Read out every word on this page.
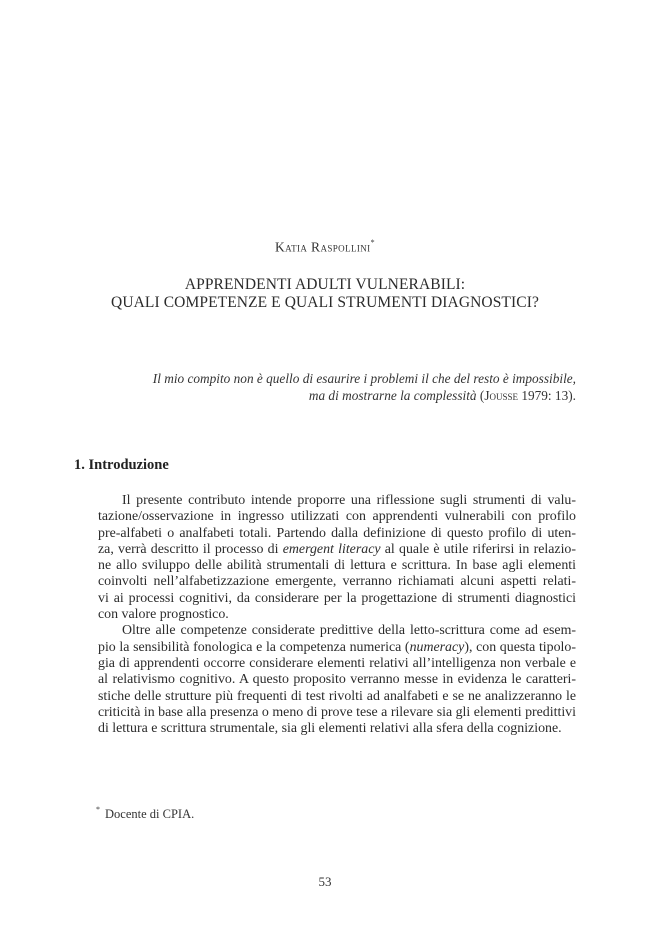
Katia Raspollini*
APPRENDENTI ADULTI VULNERABILI:
QUALI COMPETENZE E QUALI STRUMENTI DIAGNOSTICI?
Il mio compito non è quello di esaurire i problemi il che del resto è impossibile,
ma di mostrarne la complessità (Jousse 1979: 13).
1. Introduzione

Il presente contributo intende proporre una riflessione sugli strumenti di valu-
tazione/osservazione in ingresso utilizzati con apprendenti vulnerabili con profilo
pre-alfabeti o analfabeti totali. Partendo dalla definizione di questo profilo di uten-
za, verrà descritto il processo di emergent literacy al quale è utile riferirsi in relazio-
ne allo sviluppo delle abilità strumentali di lettura e scrittura. In base agli elementi
coinvolti nell’alfabetizzazione emergente, verranno richiamati alcuni aspetti relati-
vi ai processi cognitivi, da considerare per la progettazione di strumenti diagnostici
con valore prognostico.

Oltre alle competenze considerate predittive della letto-scrittura come ad esem-
pio la sensibilità fonologica e la competenza numerica (numeracy), con questa tipolo-
gia di apprendenti occorre considerare elementi relativi all’intelligenza non verbale e
al relativismo cognitivo. A questo proposito verranno messe in evidenza le caratteri-
stiche delle strutture più frequenti di test rivolti ad analfabeti e se ne analizzeranno le
criticità in base alla presenza o meno di prove tese a rilevare sia gli elementi predittivi
di lettura e scrittura strumentale, sia gli elementi relativi alla sfera della cognizione.

* Docente di CPIA.
53
